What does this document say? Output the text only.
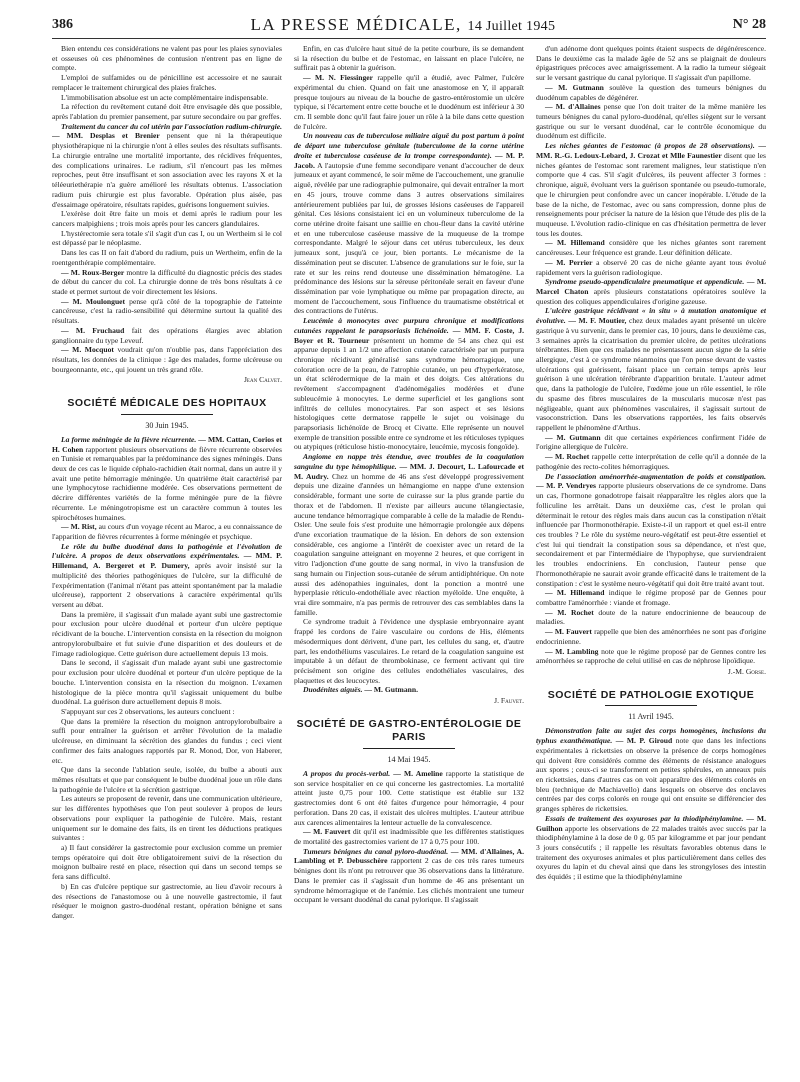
386	LA PRESSE MÉDICALE, 14 Juillet 1945	N° 28

Bien entendu ces considérations ne valent pas pour les plaies synoviales et osseuses où ces phénomènes de contusion n'entrent pas en ligne de compte.

L'emploi de sulfamides ou de pénicilline est accessoire et ne saurait remplacer le traitement chirurgical des plaies fraîches.

L'immobilisation absolue est un acte complémentaire indispensable.

La réfection du revêtement cutané doit être envisagée dès que possible, après l'ablation du premier pansement, par suture secondaire ou par greffes.

Traitement du cancer du col utérin par l'association radium-chirurgie. — MM. Desplas et Brenier pensent que ni la thérapeutique physiothérapique ni la chirurgie n'ont à elles seules des résultats suffisants. La chirurgie entraîne une mortalité importante, des récidives fréquentes, des complications urinaires. Le radium, s'il n'encourt pas les mêmes reproches, peut être insuffisant et son association avec les rayons X et la téléeuriethérapie n'a guère amélioré les résultats obtenus. L'association radium puis chirurgie est plus favorable. Opération plus aisée, pas d'essaimage opératoire, résultats rapides, guérisons longuement suivies.

L'exérèse doit être faite un mois et demi après le radium pour les cancers malpighiens ; trois mois après pour les cancers glandulaires.

L'hystérectomie sera totale s'il s'agit d'un cas I, ou un Wertheim si le col est dépassé par le néoplasme.

Dans les cas II on fait d'abord du radium, puis un Wertheim, enfin de la roentgenthérapie complémentaire.

— M. Roux-Berger montre la difficulté du diagnostic précis des stades de début du cancer du col. La chirurgie donne de très bons résultats à ce stade et permet surtout de voir directement les lésions.

— M. Moulonguet pense qu'à côté de la topographie de l'atteinte cancéreuse, c'est la radio-sensibilité qui détermine surtout la qualité des résultats.

— M. Fruchaud fait des opérations élargies avec ablation ganglionnaire du type Leveuf.

— M. Mocquot voudrait qu'on n'oublie pas, dans l'appréciation des résultats, les données de la clinique : âge des malades, forme ulcéreuse ou bourgeonnante, etc., qui jouent un très grand rôle.

Jean Calvet.
SOCIÉTÉ MÉDICALE DES HOPITAUX
30 Juin 1945.

La forme méningée de la fièvre récurrente. — MM. Cattan, Corios et H. Cohen rapportent plusieurs observations de fièvre récurrente observées en Tunisie et remarquables par la prédominance des signes méningés. Dans deux de ces cas le liquide céphalo-rachidien était normal, dans un autre il y avait une petite hémorragie méningée. Un quatrième était caractérisé par une lymphocytose rachidienne modérée. Ces observations permettent de décrire différentes variétés de la forme méningée pure de la fièvre récurrente. Le méningotropisme est un caractère commun à toutes les spirochétoses humaines.

— M. Rist, au cours d'un voyage récent au Maroc, a eu connaissance de l'apparition de fièvres récurrentes à forme méningée et psychique.

Le rôle du bulbe duodénal dans la pathogénie et l'évolution de l'ulcère. A propos de deux observations expérimentales. — MM. P. Hillemand, A. Bergeret et P. Dumery, après avoir insisté sur la multiplicité des théories pathogéniques de l'ulcère, sur la difficulté de l'expérimentation (l'animal n'étant pas atteint spontanément par la maladie ulcéreuse), rapportent 2 observations à caractère expérimental qu'ils versent au débat.

Dans la première, il s'agissait d'un malade ayant subi une gastrectomie pour exclusion pour ulcère duodénal et porteur d'un ulcère peptique récidivant de la bouche. L'intervention consista en la résection du moignon antropylorobulbaire et fut suivie d'une disparition et des douleurs et de l'image radiologique. Cette guérison dure actuellement depuis 13 mois.

Dans le second, il s'agissait d'un malade ayant subi une gastrectomie pour exclusion pour ulcère duodénal et porteur d'un ulcère peptique de la bouche. L'intervention consista en la résection du moignon. L'examen histologique de la pièce montra qu'il s'agissait uniquement du bulbe duodénal. La guérison dure actuellement depuis 8 mois.

S'appuyant sur ces 2 observations, les auteurs concluent :

Que dans la première la résection du moignon antropylorobulbaire a suffi pour entraîner la guérison et arrêter l'évolution de la maladie ulcéreuse, en diminuant la sécrétion des glandes du fundus ; ceci vient confirmer des faits analogues rapportés par R. Monod, Dor, von Haberer, etc.

Que dans la seconde l'ablation seule, isolée, du bulbe a abouti aux mêmes résultats et que par conséquent le bulbe duodénal joue un rôle dans la pathogénie de l'ulcère et la sécrétion gastrique.

Les auteurs se proposent de revenir, dans une communication ultérieure, sur les différentes hypothèses que l'on peut soulever à propos de leurs observations pour expliquer la pathogénie de l'ulcère. Mais, restant uniquement sur le domaine des faits, ils en tirent les déductions pratiques suivantes :

a) Il faut considérer la gastrectomie pour exclusion comme un premier temps opératoire qui doit être obligatoirement suivi de la résection du moignon bulbaire resté en place, résection qui dans un second temps se fera sans difficulté.

b) En cas d'ulcère peptique sur gastrectomie, au lieu d'avoir recours à des résections de l'anastomose ou à une nouvelle gastrectomie, il faut réséquer le moignon gastro-duodénal restant, opération bénigne et sans danger.

Enfin, en cas d'ulcère haut situé de la petite courbure, ils se demandent si la résection du bulbe et de l'estomac, en laissant en place l'ulcère, ne suffirait pas à obtenir la guérison.

— M. N. Fiessinger rappelle qu'il a étudié, avec Palmer, l'ulcère expérimental du chien. Quand on fait une anastomose en Y, il apparaît presque toujours au niveau de la bouche de gastro-entérostomie un ulcère typique, si l'écartement entre cette bouche et le duodénum est inférieur à 30 cm. Il semble donc qu'il faut faire jouer un rôle à la bile dans cette question de l'ulcère.

Un nouveau cas de tuberculose miliaire aiguë du post partum à point de départ une tuberculose génitale (tuberculome de la corne utérine droite et tuberculose caséeuse de la trompe correspondante). — M. P. Jacob. A l'autopsie d'une femme secondipare venant d'accoucher de deux jumeaux et ayant commencé, le soir même de l'accouchement, une granulie aiguë, révélée par une radiographie pulmonaire, qui devait entraîner la mort en 45 jours, trouve comme dans 3 autres observations similaires antérieurement publiées par lui, de grosses lésions caséeuses de l'appareil génital. Ces lésions consistaient ici en un volumineux tuberculome de la corne utérine droite faisant une saillie en chou-fleur dans la cavité utérine et en une tuberculose caséeuse massive de la muqueuse de la trompe correspondante. Malgré le séjour dans cet utérus tuberculeux, les deux jumeaux sont, jusqu'à ce jour, bien portants. Le mécanisme de la dissémination peut se discuter. L'absence de granulations sur le foie, sur la rate et sur les reins rend douteuse une dissémination hématogène. La prédominance des lésions sur la séreuse péritonéale serait en faveur d'une dissémination par voie lymphatique ou même par propagation directe, au moment de l'accouchement, sous l'influence du traumatisme obstétrical et des contractions de l'utérus.

Leucémie à monocytes avec purpura chronique et modifications cutanées rappelant le parapsoriasis lichénoïde. — MM. F. Coste, J. Boyer et R. Tourneur présentent un homme de 54 ans chez qui est apparue depuis 1 an 1/2 une affection cutanée caractérisée par un purpura chronique récidivant généralisé sans syndrome hémorragique, une coloration ocre de la peau, de l'atrophie cutanée, un peu d'hyperkératose, un état sclérodermique de la main et des doigts. Ces altérations du revêtement s'accompagnent d'adénomégalies modérées et d'une subleucémie à monocytes. Le derme superficiel et les ganglions sont infiltrés de cellules monocytaires. Par son aspect et ses lésions histologiques cette dermatose rappelle le sujet ou voisinage du parapsoriasis lichénoïde de Brocq et Civatte. Elle représente un nouvel exemple de transition possible entre ce syndrome et les réticuloses typiques ou atypiques (réticulose histio-monocytaire, leucémie, mycosis fongoïde).

Angiome en nappe très étendue, avec troubles de la coagulation sanguine du type hémophilique. — MM. J. Decourt, L. Lafourcade et M. Audry. Chez un homme de 46 ans s'est développé progressivement depuis une dizaine d'années un hémangiome en nappe d'une extension considérable, formant une sorte de cuirasse sur la plus grande partie du thorax et de l'abdomen. Il n'existe par ailleurs aucune télangiectasie, aucune tendance hémorragique comparable à celle de la maladie de Rendu-Osler. Une seule fois s'est produite une hémorragie prolongée aux dépens d'une excoriation traumatique de la lésion. En dehors de son extension considérable, ces angiome a l'intérêt de coexister avec un retard de la coagulation sanguine atteignant en moyenne 2 heures, et que corrigent in vitro l'adjonction d'une goutte de sang normal, in vivo la transfusion de sang humain ou l'injection sous-cutanée de sérum antidiphtérique. On note aussi des adénopathies inguinales, dont la ponction a montré une hyperplasie réticulo-endothéliale avec réaction myéloïde. Une enquête, à vrai dire sommaire, n'a pas permis de retrouver des cas semblables dans la famille.

Ce syndrome traduit à l'évidence une dysplasie embryonnaire ayant frappé les cordons de l'aire vasculaire ou cordons de His, éléments mésodermiques dont dérivent, d'une part, les cellules du sang, et, d'autre part, les endothéliums vasculaires. Le retard de la coagulation sanguine est imputable à un défaut de thrombokinase, ce ferment activant qui tire précisément son origine des cellules endothéliales vasculaires, des plaquettes et des leucocytes.

Duodénites aiguës. — M. Gutmann.

J. Fauvet.
SOCIÉTÉ DE GASTRO-ENTÉROLOGIE DE PARIS
14 Mai 1945.

A propos du procès-verbal. — M. Ameline rapporte la statistique de son service hospitalier en ce qui concerne les gastrectomies. La mortalité atteint juste 0,75 pour 100. Cette statistique est établie sur 132 gastrectomies dont 6 ont été faites d'urgence pour hémorragie, 4 pour perforation. Dans 20 cas, il existait des ulcères multiples. L'auteur attribue aux carences alimentaires la lenteur actuelle de la convalescence.

— M. Fauvert dit qu'il est inadmissible que les différentes statistiques de mortalité des gastrectomies varient de 17 à 0,75 pour 100.

Tumeurs bénignes du canal pyloro-duodénal. — MM. d'Allaines, A. Lambling et P. Debusschère rapportent 2 cas de ces très rares tumeurs bénignes dont ils n'ont pu retrouver que 36 observations dans la littérature. Dans le premier cas il s'agissait d'un homme de 46 ans présentant un syndrome hémorragique et de l'anémie. Les clichés montraient une tumeur occupant le versant duodénal du canal pylorique. Il s'agissait

d'un adénome dont quelques points étaient suspects de dégénérescence. Dans le deuxième cas la malade âgée de 52 ans se plaignait de douleurs épigastriques précoces avec amaigrissement. A la radio la tumeur siégeait sur le versant gastrique du canal pylorique. Il s'agissait d'un papillome.

— M. Gutmann soulève la question des tumeurs bénignes du duodénum capables de dégénérer.

— M. d'Allaines pense que l'on doit traiter de la même manière les tumeurs bénignes du canal pyloro-duodénal, qu'elles siègent sur le versant gastrique ou sur le versant duodénal, car le contrôle économique du duodénum est difficile.

Les niches géantes de l'estomac (à propos de 28 observations). — MM. R.-G. Ledoux-Lebard, J. Crozat et Mlle Faunestier disent que les niches géantes de l'estomac sont rarement malignes, leur statistique n'en comporte que 4 cas. S'il s'agit d'ulcères, ils peuvent affecter 3 formes : chronique, aiguë, évoluant vers la guérison spontanée ou pseudo-tumorale, que le chirurgien peut confondre avec un cancer inopérable. L'étude de la base de la niche, de l'estomac, avec ou sans compression, donne plus de renseignements pour préciser la nature de la lésion que l'étude des plis de la muqueuse. L'évolution radio-clinique en cas d'hésitation permettra de lever tous les doutes.

— M. Hillemand considère que les niches géantes sont rarement cancéreuses. Leur fréquence est grande. Leur définition délicate.

— M. Perrier a observé 20 cas de niche géante ayant tous évolué rapidement vers la guérison radiologique.

Syndrome pseudo-appendiculaire pneumatique et appendicule. — M. Marcel Chaton après plusieurs constatations opératoires soulève la question des coliques appendiculaires d'origine gazeuse.

L'ulcère gastrique récidivant « in situ » à mutation anatomique et évolutive. — M. F. Moutier, chez deux malades ayant présenté un ulcère gastrique à vu survenir, dans le premier cas, 10 jours, dans le deuxième cas, 3 semaines après la cicatrisation du premier ulcère, de petites ulcérations térébrantes. Bien que ces malades ne présentassent aucun signe de la série allergique, c'est à ce syndrome néanmoins que l'on pense devant de vastes ulcérations qui guérissent, faisant place un certain temps après leur guérison à une ulcération térébrante d'apparition brutale. L'auteur admet que, dans la pathologie de l'ulcère, l'œdème joue un rôle essentiel, le rôle du spasme des fibres musculaires de la muscularis mucosæ n'est pas négligeable, quant aux phénomènes vasculaires, il s'agissait surtout de vasoconstriction. Dans les observations rapportées, les faits observés rappellent le phénomène d'Arthus.

— M. Gutmann dit que certaines expériences confirment l'idée de l'origine allergique de l'ulcère.

— M. Rochet rappelle cette interprétation de celle qu'il a donnée de la pathogénie des recto-colites hémorragiques.

De l'association aménorrhée-augmentation de poids et constipation. — M. P. Vendryes rapporte plusieurs observations de ce syndrome. Dans un cas, l'hormone gonadotrope faisait réapparaître les règles alors que la folliculine les arrêtait. Dans un deuxième cas, c'est le prolan qui déterminait le retour des règles mais dans aucun cas la constipation n'était influencée par l'hormonothérapie. Existe-t-il un rapport et quel est-il entre ces troubles ? Le rôle du système neuro-végétatif est peut-être essentiel et c'est lui qui tiendrait la constipation sous sa dépendance, et n'est que, secondairement et par l'intermédiaire de l'hypophyse, que surviendraient les troubles endocriniens. En conclusion, l'auteur pense que l'hormonothérapie ne saurait avoir grande efficacité dans le traitement de la constipation : c'est le système neuro-végétatif qui doit être traité avant tout.

— M. Hillemand indique le régime proposé par de Gennes pour combattre l'aménorrhée : viande et fromage.

— M. Rochet doute de la nature endocrinienne de beaucoup de maladies.

— M. Fauvert rappelle que bien des aménorrhées ne sont pas d'origine endocrinienne.

— M. Lambling note que le régime proposé par de Gennes contre les aménorrhées se rapproche de celui utilisé en cas de néphrose lipoïdique.

J.-M. Gorse.
SOCIÉTÉ DE PATHOLOGIE EXOTIQUE
11 Avril 1945.

Démonstration faite au sujet des corps homogènes, inclusions du typhus exanthématique. — M. P. Giroud note que dans les infections expérimentales à rickettsies on observe la présence de corps homogènes qui doivent être considérés comme des éléments de résistance analogues aux spores ; ceux-ci se transforment en petites sphérules, en anneaux puis en rickettsies, dans d'autres cas on voit apparaître des éléments colorés en bleu (technique de Machiavello) dans lesquels on observe des enclaves centrées par des corps colorés en rouge qui ont ensuite se différencier des granges sphères de rickettsies.

Essais de traitement des oxyuroses par la thiodiphénylamine. — M. Guilhon apporte les observations de 22 malades traités avec succès par la thiodiphénylamine à la dose de 0 g. 05 par kilogramme et par jour pendant 3 jours consécutifs ; il rappelle les résultats favorables obtenus dans le traitement des oxyuroses animales et plus particulièrement dans celles des oxyures du lapin et du cheval ainsi que dans les strongyloses des intestin des équidés ; il estime que la thiodiphénylamine
